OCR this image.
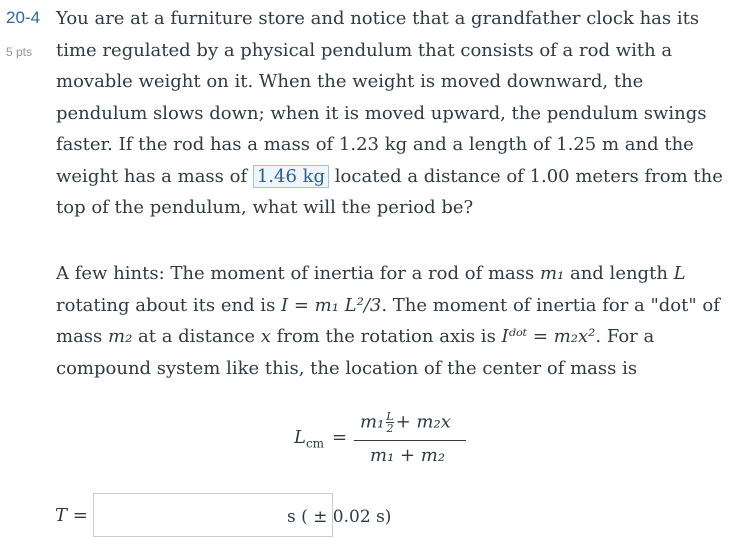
20-4
5 pts
You are at a furniture store and notice that a grandfather clock has its time regulated by a physical pendulum that consists of a rod with a movable weight on it. When the weight is moved downward, the pendulum slows down; when it is moved upward, the pendulum swings faster. If the rod has a mass of 1.23 kg and a length of 1.25 m and the weight has a mass of 1.46 kg located a distance of 1.00 meters from the top of the pendulum, what will the period be?
A few hints: The moment of inertia for a rod of mass m₁ and length L rotating about its end is I = m₁ L²/3. The moment of inertia for a "dot" of mass m₂ at a distance x from the rotation axis is Iᵈᵒᵗ = m₂x². For a compound system like this, the location of the center of mass is
$L_{cm}$ =
$m_1 \frac{L}{2} + m_2x$
m₁ + m₂
T =	s ( ± 0.02 s)
